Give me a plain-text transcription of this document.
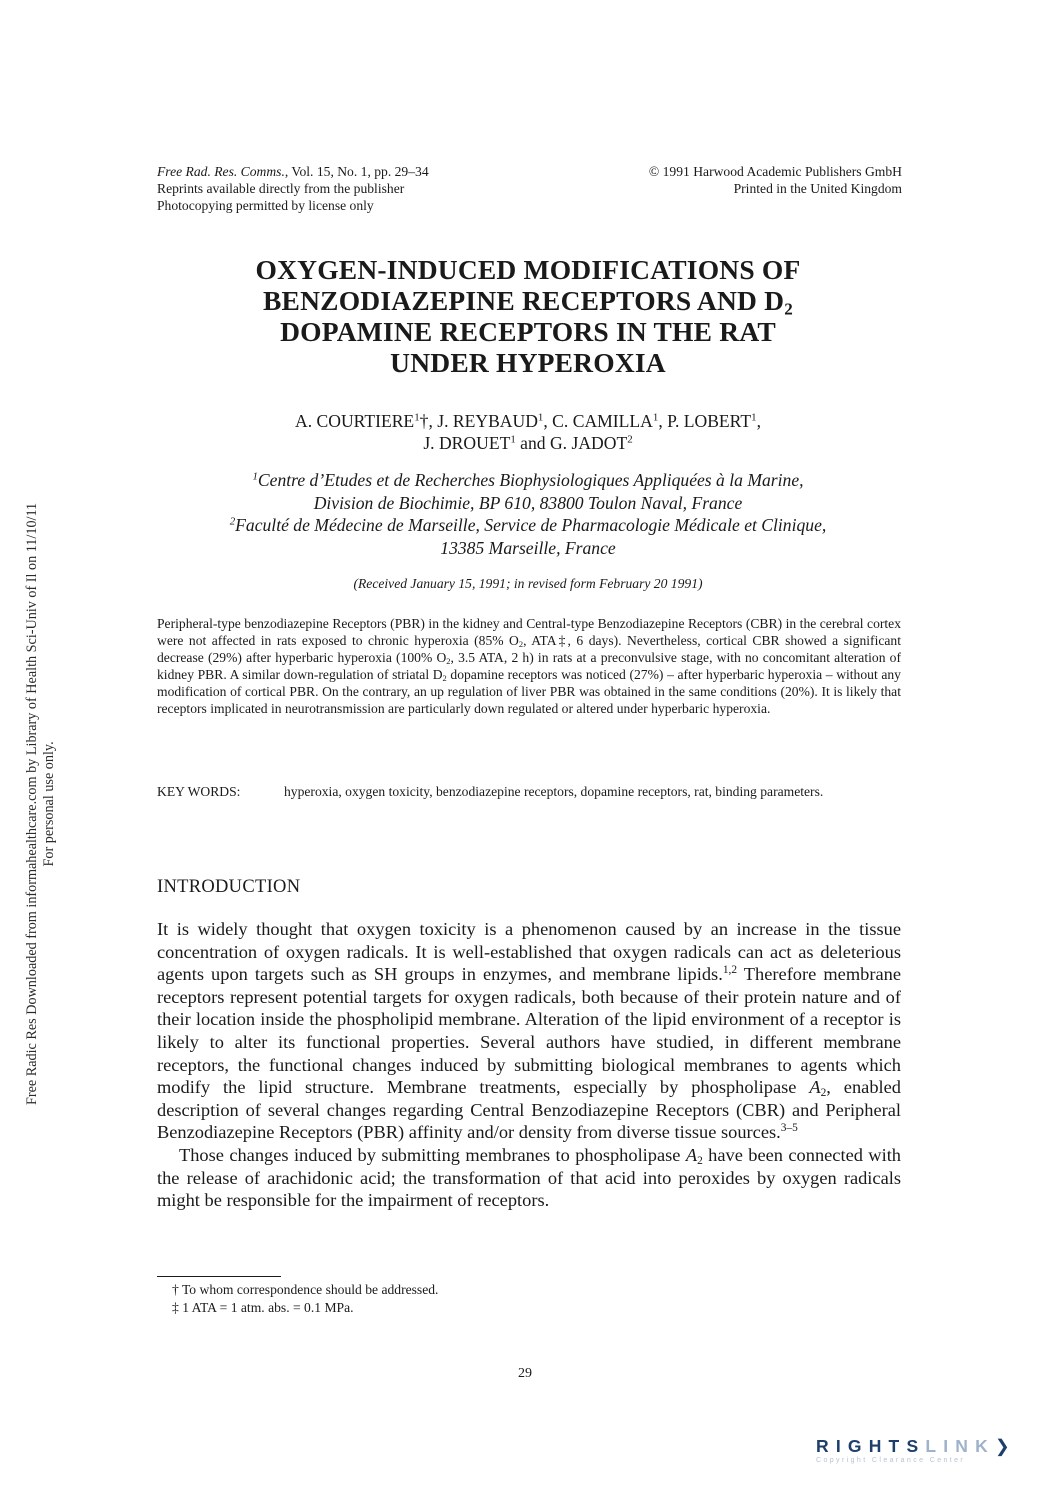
Free Radic Res Downloaded from informahealthcare.com by Library of Health Sci-Univ of Il on 11/10/11 For personal use only.
Free Rad. Res. Comms., Vol. 15, No. 1, pp. 29–34
Reprints available directly from the publisher
Photocopying permitted by license only
© 1991 Harwood Academic Publishers GmbH
Printed in the United Kingdom
OXYGEN-INDUCED MODIFICATIONS OF
BENZODIAZEPINE RECEPTORS AND $D_2$
DOPAMINE RECEPTORS IN THE RAT
UNDER HYPEROXIA
A. COURTIERE$^1$†, J. REYBAUD$^1$, C. CAMILLA$^1$, P. LOBERT$^1$,
J. DROUET$^1$ and G. JADOT$^2$
$^1$Centre d’Etudes et de Recherches Biophysiologiques Appliquées à la Marine,
Division de Biochimie, BP 610, 83800 Toulon Naval, France
$^2$Faculté de Médecine de Marseille, Service de Pharmacologie Médicale et Clinique,
13385 Marseille, France
(Received January 15, 1991; in revised form February 20 1991)
Peripheral-type benzodiazepine Receptors (PBR) in the kidney and Central-type Benzodiazepine Receptors (CBR) in the cerebral cortex were not affected in rats exposed to chronic hyperoxia (85% $O_2$, ATA‡, 6 days). Nevertheless, cortical CBR showed a significant decrease (29%) after hyperbaric hyperoxia (100% $O_2$, 3.5 ATA, 2 h) in rats at a preconvulsive stage, with no concomitant alteration of kidney PBR. A similar down-regulation of striatal $D_2$ dopamine receptors was noticed (27%) – after hyperbaric hyperoxia – without any modification of cortical PBR. On the contrary, an up regulation of liver PBR was obtained in the same conditions (20%). It is likely that receptors implicated in neurotransmission are particularly down regulated or altered under hyperbaric hyperoxia.
KEY WORDS:	hyperoxia, oxygen toxicity, benzodiazepine receptors, dopamine receptors, rat, binding parameters.
INTRODUCTION

It is widely thought that oxygen toxicity is a phenomenon caused by an increase in the tissue concentration of oxygen radicals. It is well-established that oxygen radicals can act as deleterious agents upon targets such as SH groups in enzymes, and membrane lipids.$^{1,2}$ Therefore membrane receptors represent potential targets for oxygen radicals, both because of their protein nature and of their location inside the phospholipid membrane. Alteration of the lipid environment of a receptor is likely to alter its functional properties. Several authors have studied, in different membrane receptors, the functional changes induced by submitting biological membranes to agents which modify the lipid structure. Membrane treatments, especially by phospholipase $A_2$, enabled description of several changes regarding Central Benzodiazepine Receptors (CBR) and Peripheral Benzodiazepine Receptors (PBR) affinity and/or density from diverse tissue sources.$^{3-5}$

Those changes induced by submitting membranes to phospholipase $A_2$ have been connected with the release of arachidonic acid; the transformation of that acid into peroxides by oxygen radicals might be responsible for the impairment of receptors.

† To whom correspondence should be addressed.
‡ 1 ATA = 1 atm. abs. = 0.1 MPa.
29
RIGHTSLINK❯
Copyright Clearance Center
